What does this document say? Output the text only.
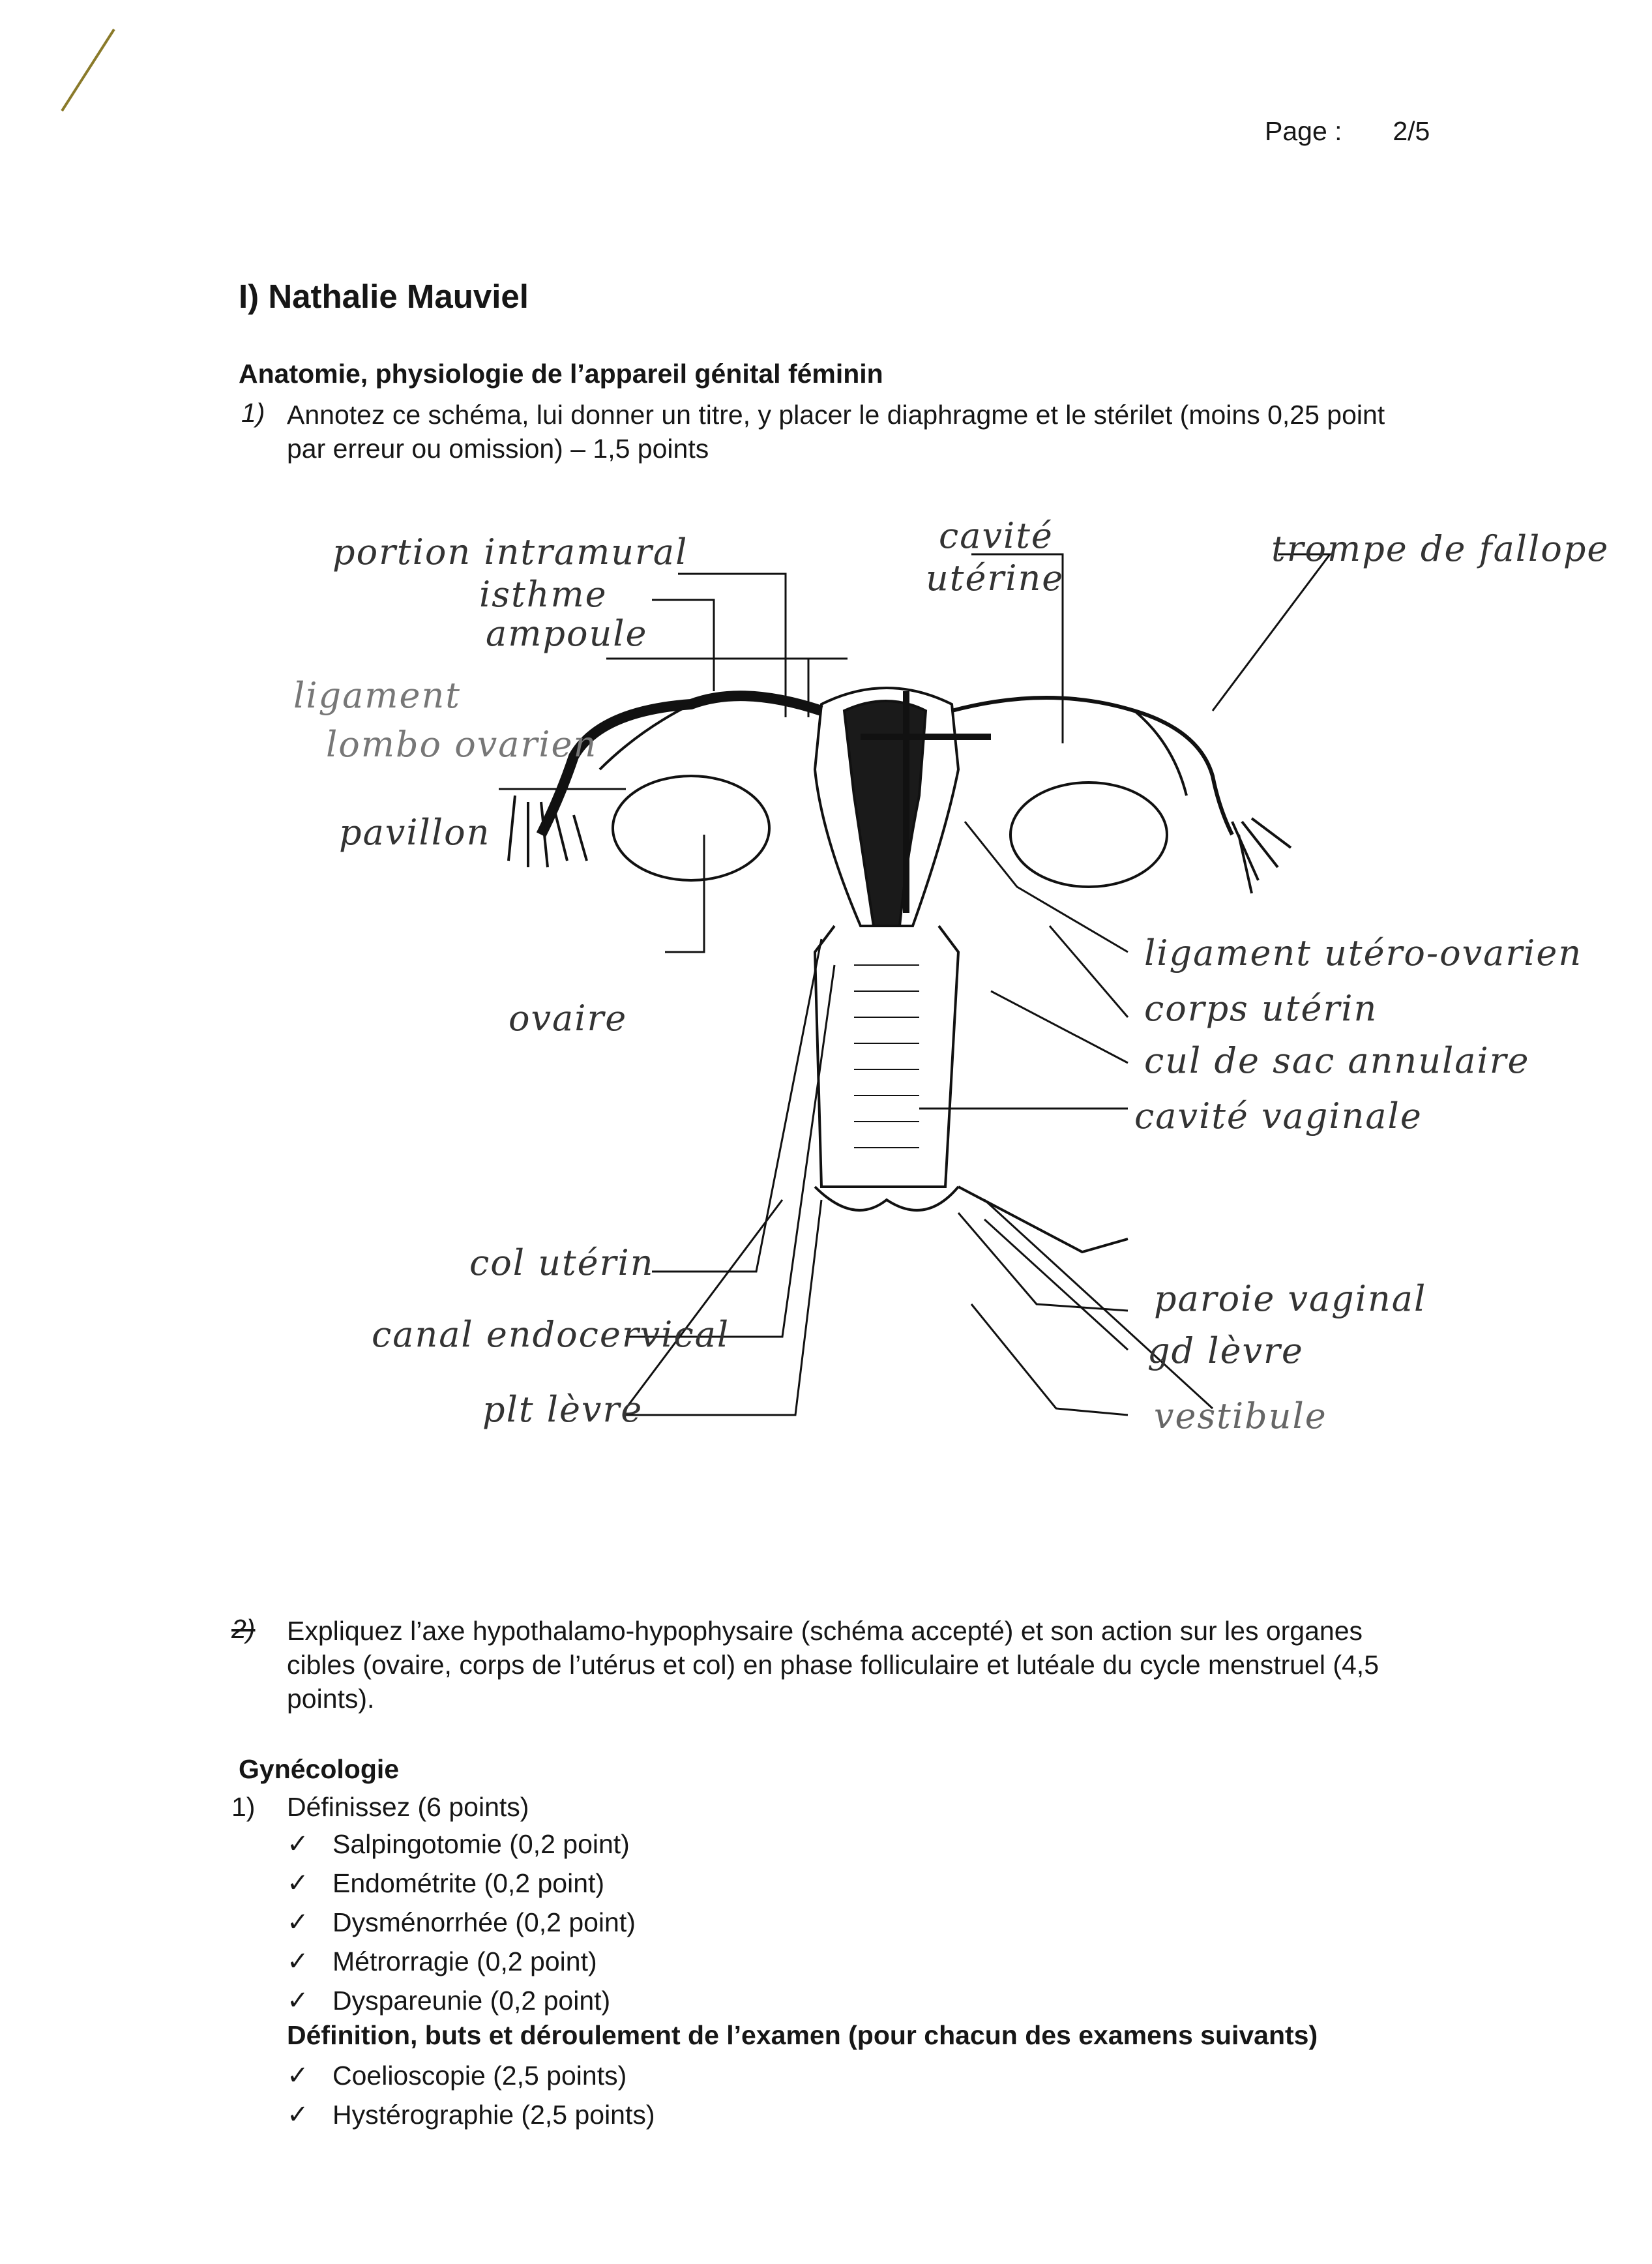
Page : 2/5
I) Nathalie Mauviel
Anatomie, physiologie de l’appareil génital féminin
1) Annotez ce schéma, lui donner un titre, y placer le diaphragme et le stérilet (moins 0,25 point
par erreur ou omission) – 1,5 points
portion intramural
isthme
ampoule
ligament
lombo ovarien
pavillon
ovaire
cavité
utérine
trompe de fallope
ligament utéro-ovarien
corps utérin
cul de sac annulaire
cavité vaginale
col utérin
canal endocervical
plt lèvre
paroie vaginal
gd lèvre
vestibule
2) Expliquez l’axe hypothalamo-hypophysaire (schéma accepté) et son action sur les organes
cibles (ovaire, corps de l’utérus et col) en phase folliculaire et lutéale du cycle menstruel (4,5
points).
Gynécologie
1) Définissez (6 points)
✓ Salpingotomie (0,2 point)
✓ Endométrite (0,2 point)
✓ Dysménorrhée (0,2 point)
✓ Métrorragie (0,2 point)
✓ Dyspareunie (0,2 point)
Définition, buts et déroulement de l’examen (pour chacun des examens suivants)
✓ Coelioscopie (2,5 points)
✓ Hystérographie (2,5 points)
